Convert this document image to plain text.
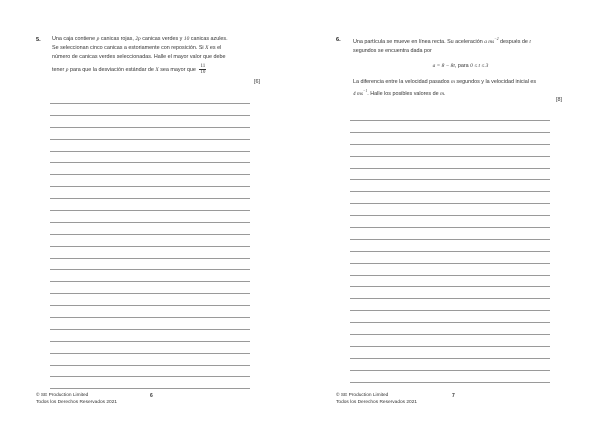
5. Una caja contiene p canicas rojas, 2p canicas verdes y 10 canicas azules.

Se seleccionan cinco canicas a estoriamente con reposición. Si X es el

número de canicas verdes seleccionadas. Halle el mayor valor que debe

tener p para que la desviación estándar de X sea mayor que $\frac{11}{10}$

[6]

© SE Production Limited

Todos los Derechos Reservados 2021

6
6. Una partícula se mueve en línea recta. Su aceleración a $ms^{-2}$ después de t

segundos se encuentra dada por

a = 8 − 8t, para 0 ≤ t ≤ 3

La diferencia entre la velocidad pasados m segundos y la velocidad inicial es

4 $ms^{-1}$. Halle los posibles valores de m.

[8]

© SE Production Limited

Todos los Derechos Reservados 2021

7
